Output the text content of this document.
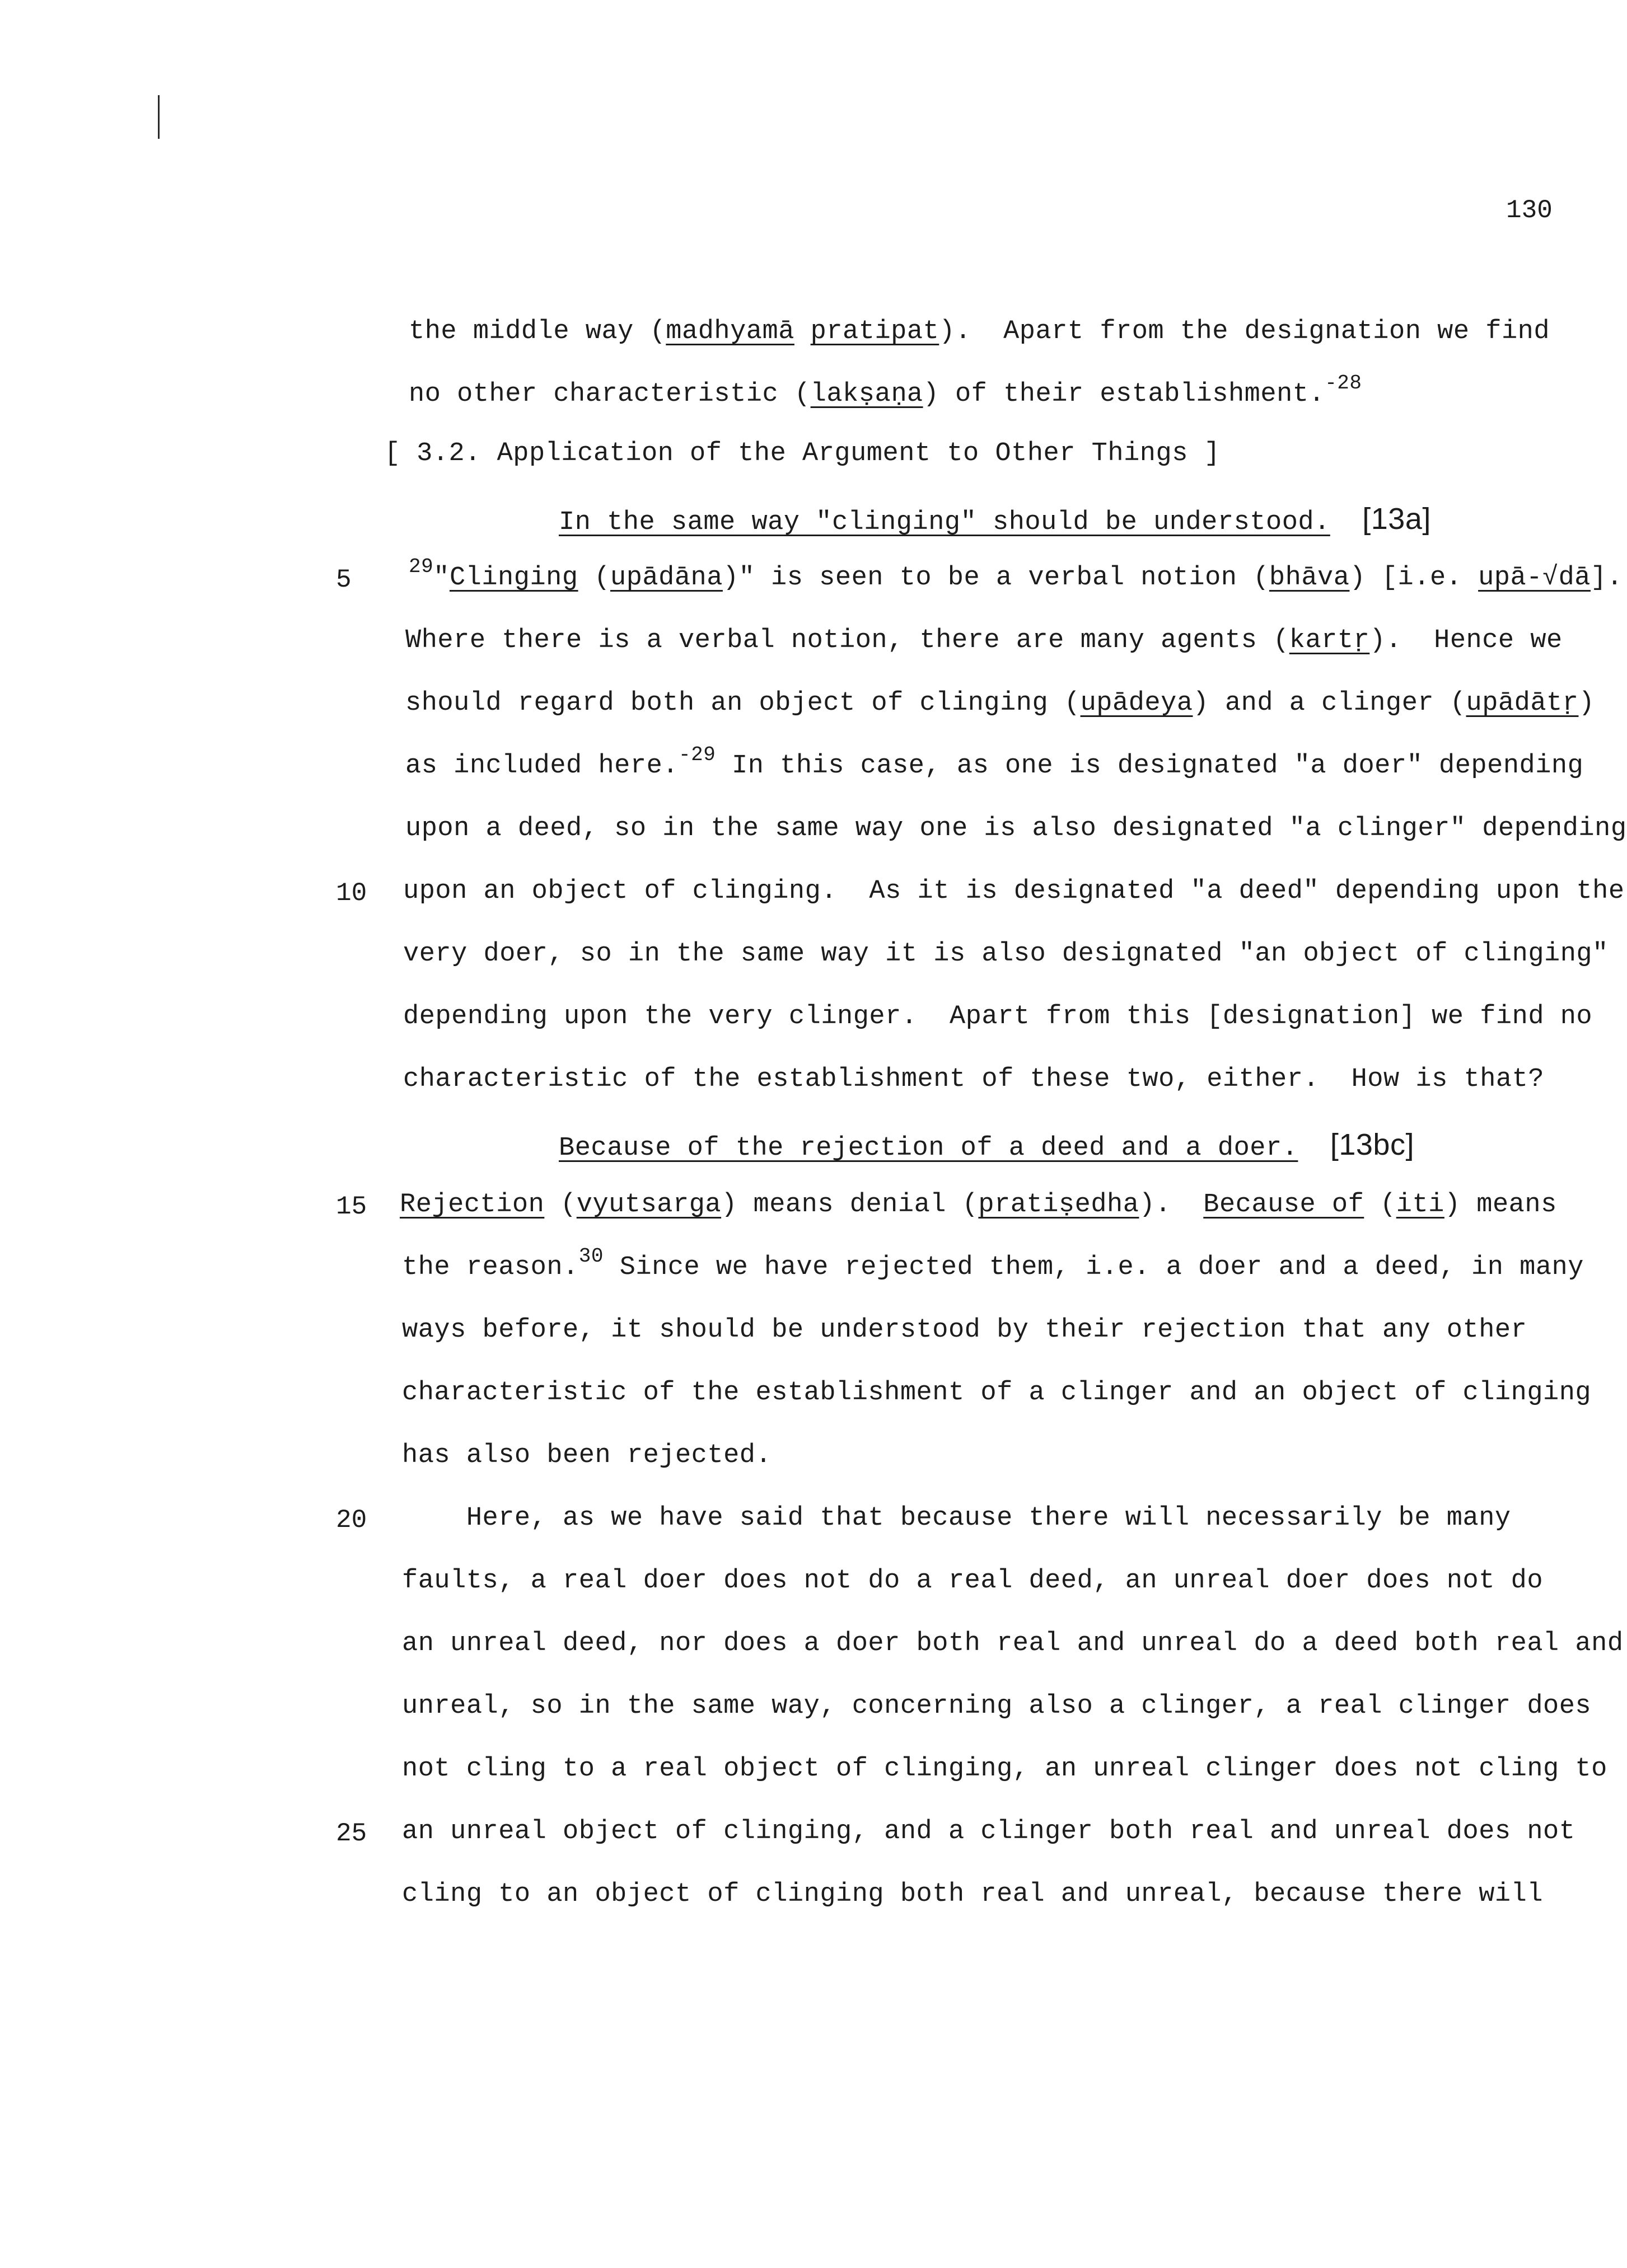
130
the middle way (madhyamā pratipat).  Apart from the designation we find
no other characteristic (lakṣaṇa) of their establishment.$^{-28}$
[ 3.2. Application of the Argument to Other Things ]
In the same way "clinging" should be understood. [13a]
5	$^{29}$"Clinging (upādāna)" is seen to be a verbal notion (bhāva) [i.e. upā-√dā].
Where there is a verbal notion, there are many agents (kartṛ).  Hence we
should regard both an object of clinging (upādeya) and a clinger (upādātṛ)
as included here.$^{-29}$ In this case, as one is designated "a doer" depending
upon a deed, so in the same way one is also designated "a clinger" depending
10 upon an object of clinging.  As it is designated "a deed" depending upon the
very doer, so in the same way it is also designated "an object of clinging"
depending upon the very clinger.  Apart from this [designation] we find no
characteristic of the establishment of these two, either.  How is that?
Because of the rejection of a deed and a doer. [13bc]
15 Rejection (vyutsarga) means denial (pratiṣedha).  Because of (iti) means
the reason.$^{30}$ Since we have rejected them, i.e. a doer and a deed, in many
ways before, it should be understood by their rejection that any other
characteristic of the establishment of a clinger and an object of clinging
has also been rejected.
20 Here, as we have said that because there will necessarily be many
faults, a real doer does not do a real deed, an unreal doer does not do
an unreal deed, nor does a doer both real and unreal do a deed both real and
unreal, so in the same way, concerning also a clinger, a real clinger does
not cling to a real object of clinging, an unreal clinger does not cling to
25 an unreal object of clinging, and a clinger both real and unreal does not
cling to an object of clinging both real and unreal, because there will
